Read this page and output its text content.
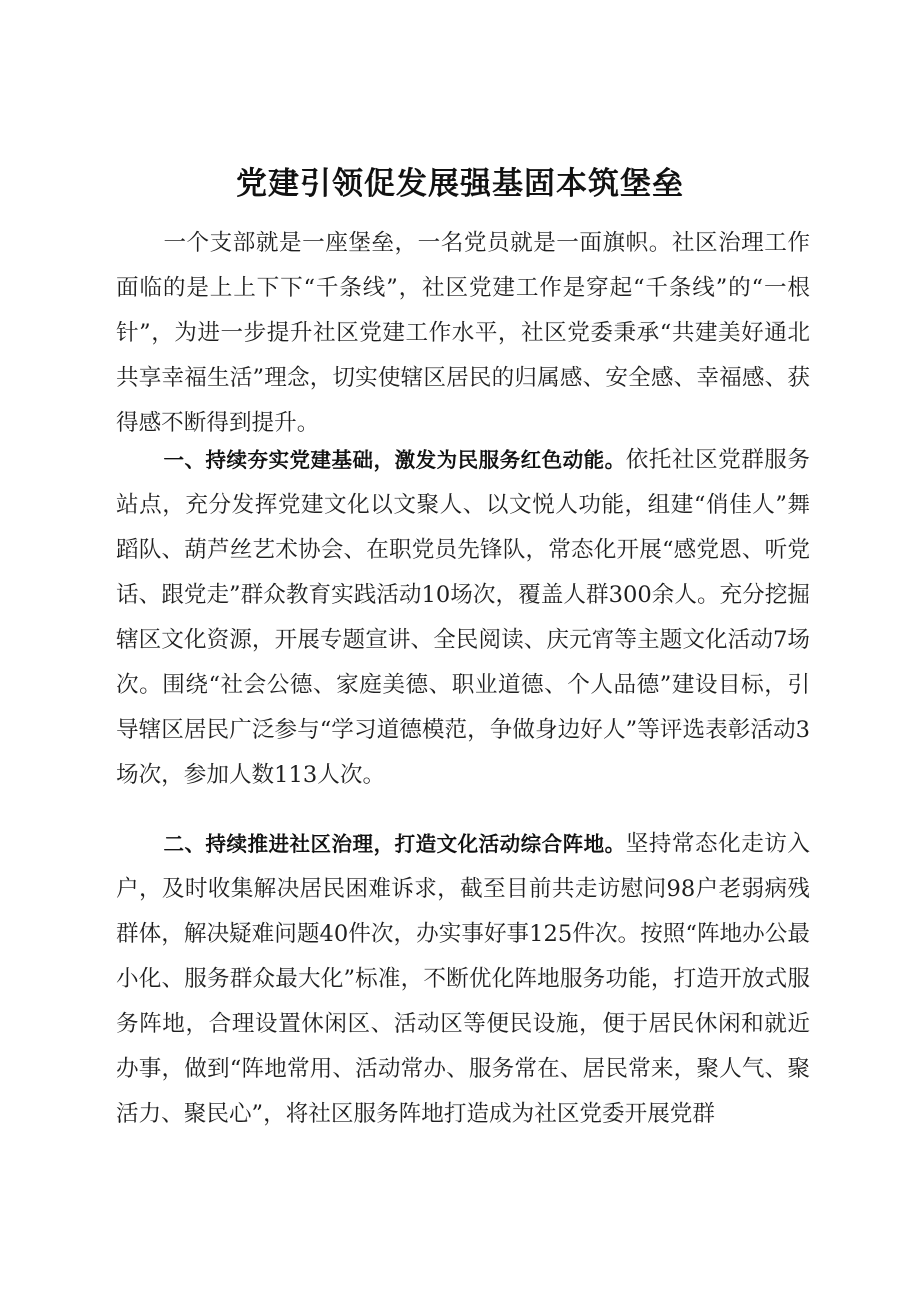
党建引领促发展强基固本筑堡垒

一个支部就是一座堡垒，一名党员就是一面旗帜。社区治理工作面临的是上上下下“千条线”，社区党建工作是穿起“千条线”的“一根针”，为进一步提升社区党建工作水平，社区党委秉承“共建美好通北共享幸福生活”理念，切实使辖区居民的归属感、安全感、幸福感、获得感不断得到提升。

一、持续夯实党建基础，激发为民服务红色动能。依托社区党群服务站点，充分发挥党建文化以文聚人、以文悦人功能，组建“俏佳人”舞蹈队、葫芦丝艺术协会、在职党员先锋队，常态化开展“感党恩、听党话、跟党走”群众教育实践活动10场次，覆盖人群300余人。充分挖掘辖区文化资源，开展专题宣讲、全民阅读、庆元宵等主题文化活动7场次。围绕“社会公德、家庭美德、职业道德、个人品德”建设目标，引导辖区居民广泛参与“学习道德模范，争做身边好人”等评选表彰活动3场次，参加人数113人次。

二、持续推进社区治理，打造文化活动综合阵地。坚持常态化走访入户，及时收集解决居民困难诉求，截至目前共走访慰问98户老弱病残群体，解决疑难问题40件次，办实事好事125件次。按照“阵地办公最小化、服务群众最大化”标准，不断优化阵地服务功能，打造开放式服务阵地，合理设置休闲区、活动区等便民设施，便于居民休闲和就近办事，做到“阵地常用、活动常办、服务常在、居民常来，聚人气、聚活力、聚民心”，将社区服务阵地打造成为社区党委开展党群
